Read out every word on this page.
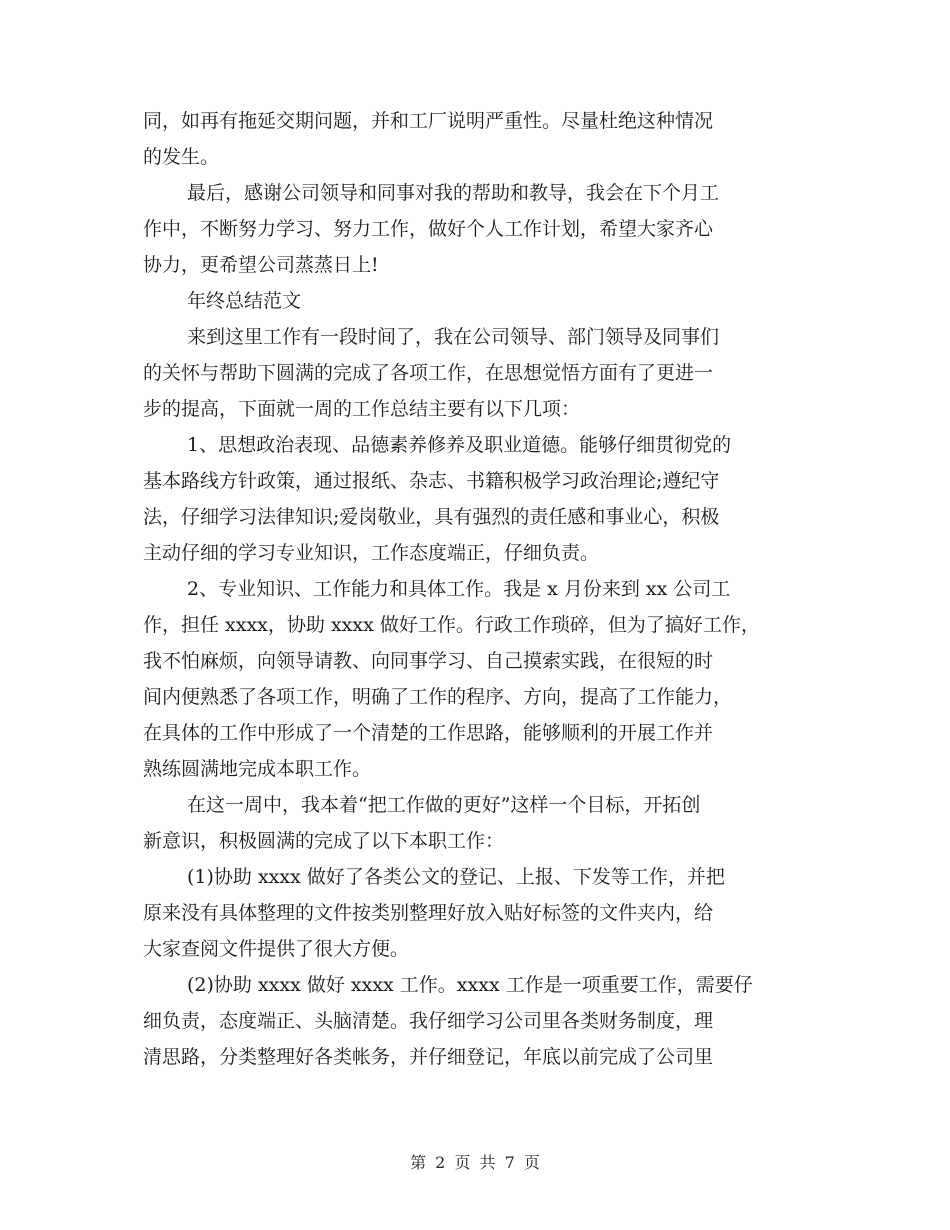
同，如再有拖延交期问题，并和工厂说明严重性。尽量杜绝这种情况
的发生。
最后，感谢公司领导和同事对我的帮助和教导，我会在下个月工
作中，不断努力学习、努力工作，做好个人工作计划，希望大家齐心
协力，更希望公司蒸蒸日上!
年终总结范文
来到这里工作有一段时间了，我在公司领导、部门领导及同事们
的关怀与帮助下圆满的完成了各项工作，在思想觉悟方面有了更进一
步的提高，下面就一周的工作总结主要有以下几项：
1、思想政治表现、品德素养修养及职业道德。能够仔细贯彻党的
基本路线方针政策，通过报纸、杂志、书籍积极学习政治理论;遵纪守
法，仔细学习法律知识;爱岗敬业，具有强烈的责任感和事业心，积极
主动仔细的学习专业知识，工作态度端正，仔细负责。
2、专业知识、工作能力和具体工作。我是 x 月份来到 xx 公司工
作，担任 xxxx，协助 xxxx 做好工作。行政工作琐碎，但为了搞好工作，
我不怕麻烦，向领导请教、向同事学习、自己摸索实践，在很短的时
间内便熟悉了各项工作，明确了工作的程序、方向，提高了工作能力，
在具体的工作中形成了一个清楚的工作思路，能够顺利的开展工作并
熟练圆满地完成本职工作。
在这一周中，我本着“把工作做的更好”这样一个目标，开拓创
新意识，积极圆满的完成了以下本职工作：
(1)协助 xxxx 做好了各类公文的登记、上报、下发等工作，并把
原来没有具体整理的文件按类别整理好放入贴好标签的文件夹内，给
大家查阅文件提供了很大方便。
(2)协助 xxxx 做好 xxxx 工作。xxxx 工作是一项重要工作，需要仔
细负责，态度端正、头脑清楚。我仔细学习公司里各类财务制度，理
清思路，分类整理好各类帐务，并仔细登记，年底以前完成了公司里
第 2 页 共 7 页
